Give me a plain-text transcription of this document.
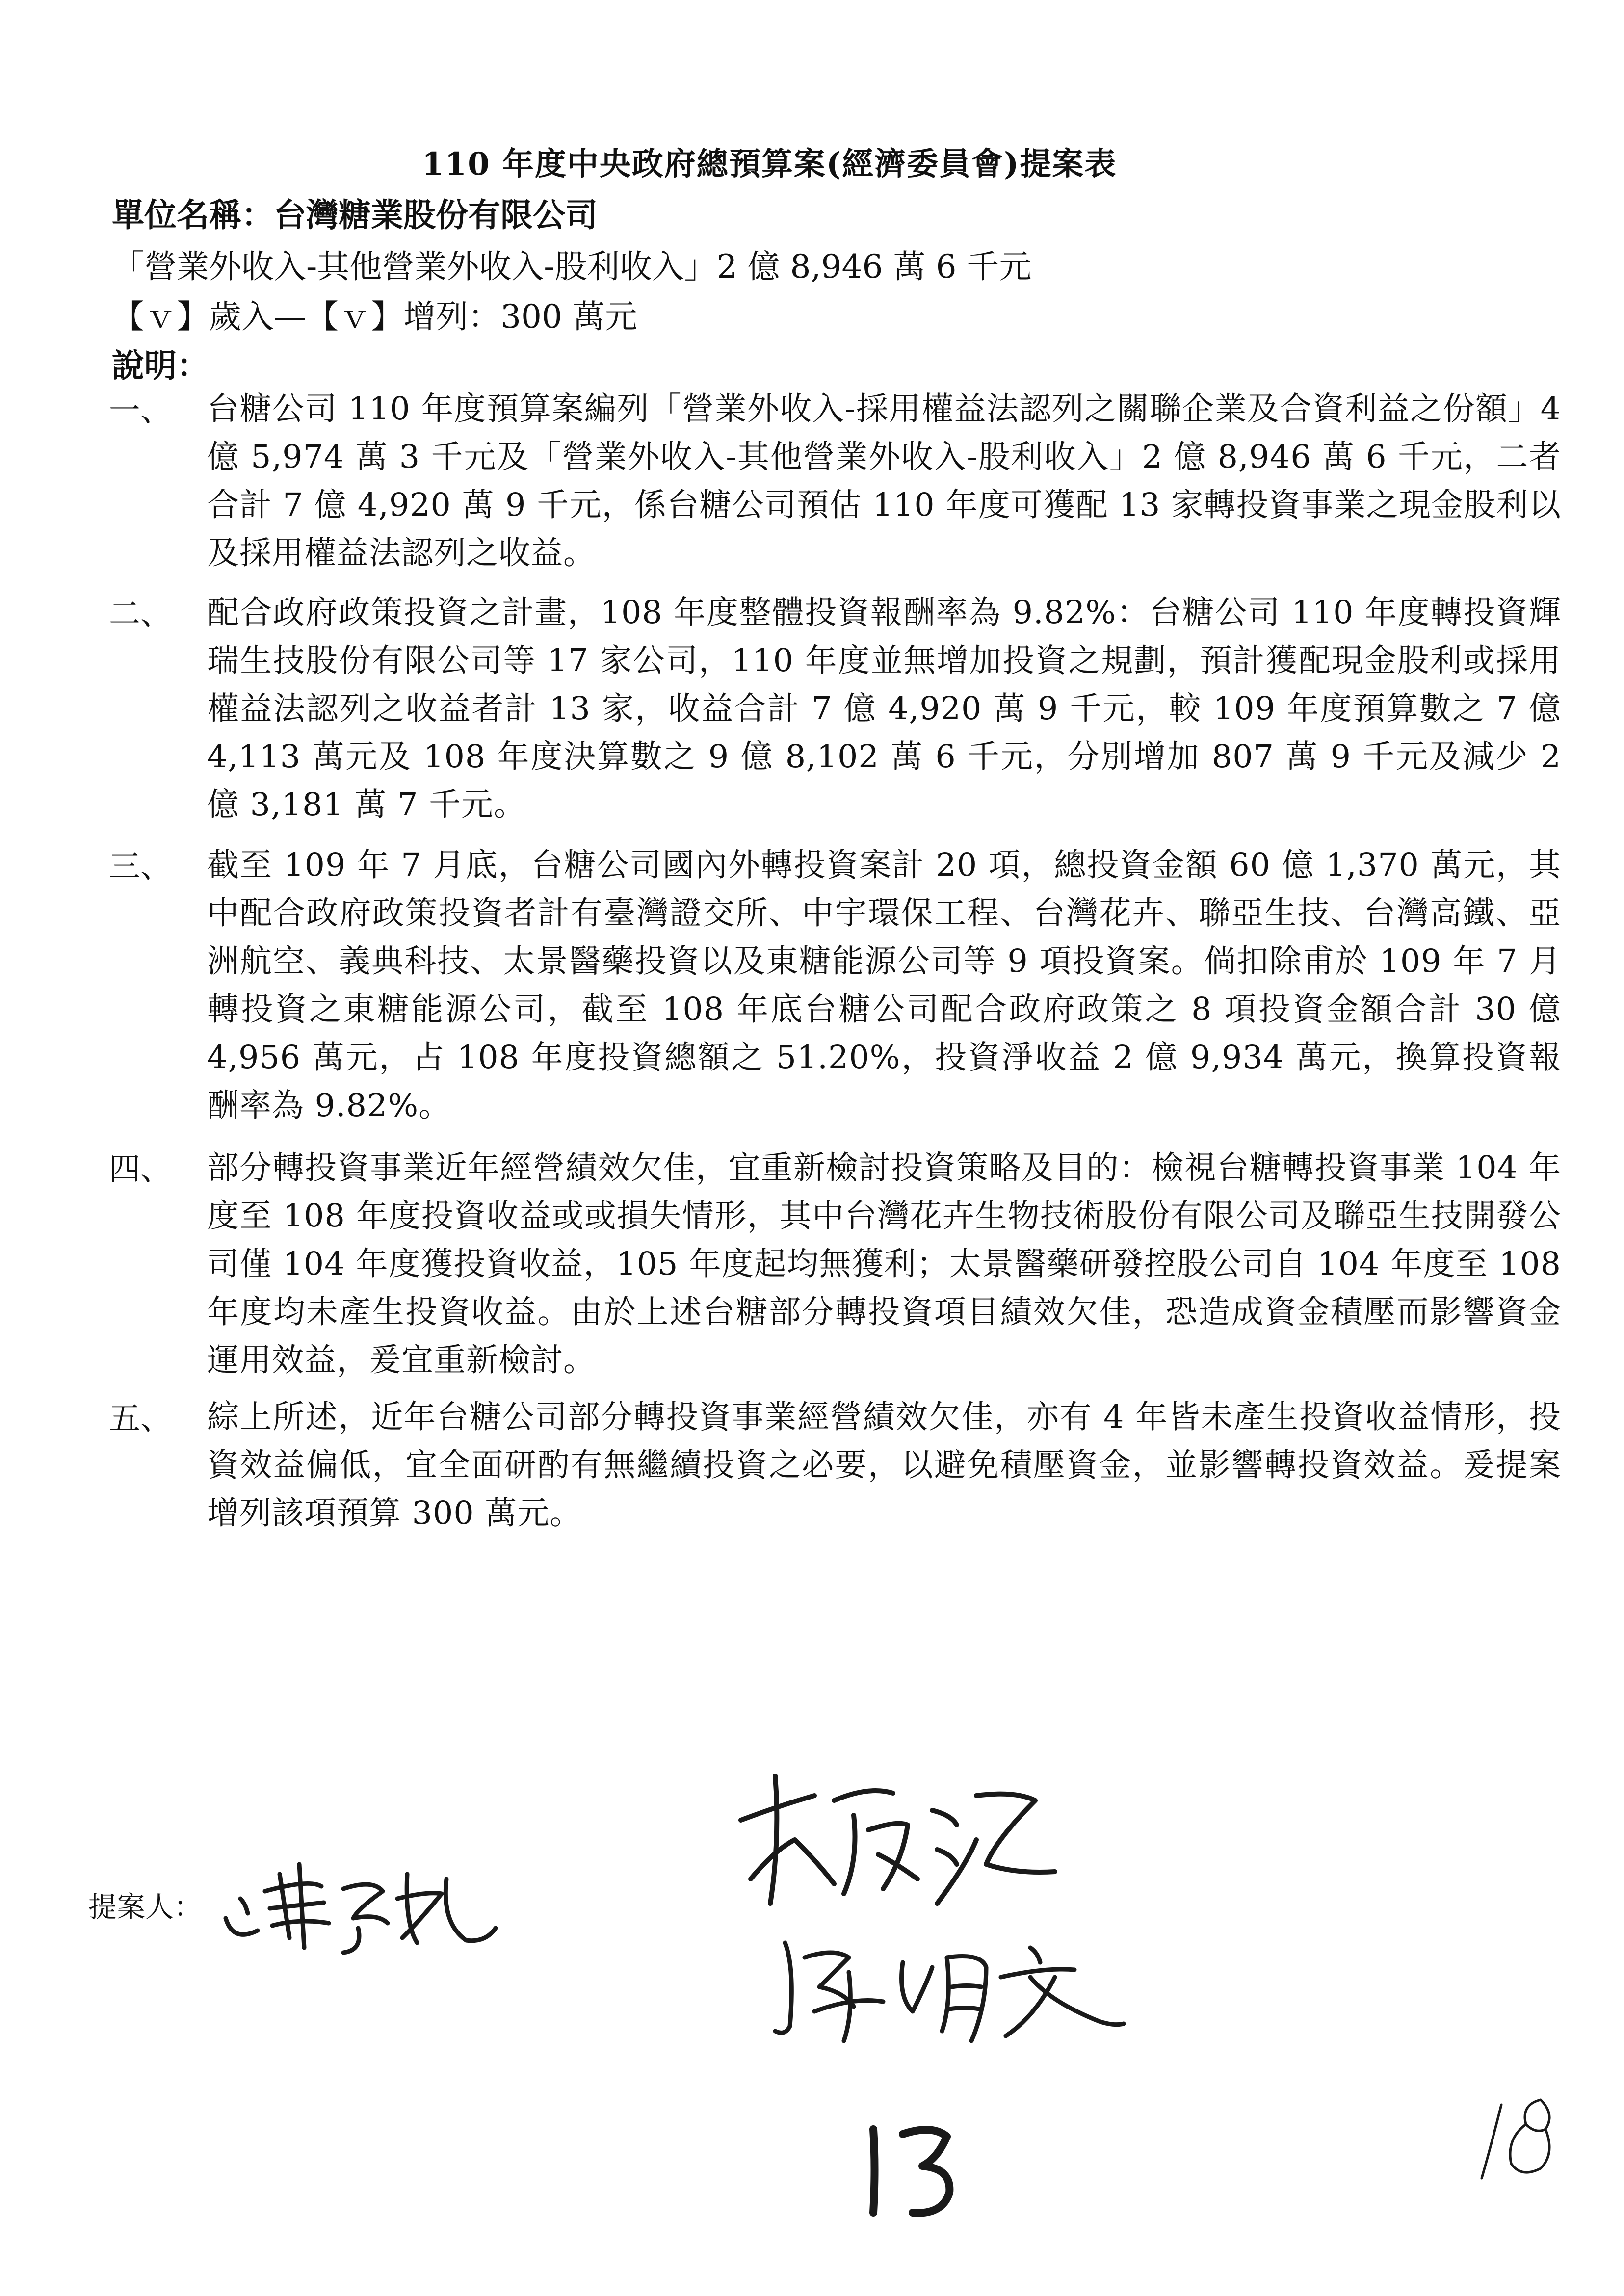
110 年度中央政府總預算案(經濟委員會)提案表
單位名稱：台灣糖業股份有限公司
「營業外收入-其他營業外收入-股利收入」2 億 8,946 萬 6 千元
【ｖ】歲入—【ｖ】增列：300 萬元
說明：
一、	台糖公司 110 年度預算案編列「營業外收入-採用權益法認列之關聯企業及合資利益之份額」4 億 5,974 萬 3 千元及「營業外收入-其他營業外收入-股利收入」2 億 8,946 萬 6 千元，二者合計 7 億 4,920 萬 9 千元，係台糖公司預估 110 年度可獲配 13 家轉投資事業之現金股利以及採用權益法認列之收益。
二、	配合政府政策投資之計畫，108 年度整體投資報酬率為 9.82%：台糖公司 110 年度轉投資輝瑞生技股份有限公司等 17 家公司，110 年度並無增加投資之規劃，預計獲配現金股利或採用權益法認列之收益者計 13 家，收益合計 7 億 4,920 萬 9 千元，較 109 年度預算數之 7 億 4,113 萬元及 108 年度決算數之 9 億 8,102 萬 6 千元，分別增加 807 萬 9 千元及減少 2 億 3,181 萬 7 千元。
三、	截至 109 年 7 月底，台糖公司國內外轉投資案計 20 項，總投資金額 60 億 1,370 萬元，其中配合政府政策投資者計有臺灣證交所、中宇環保工程、台灣花卉、聯亞生技、台灣高鐵、亞洲航空、義典科技、太景醫藥投資以及東糖能源公司等 9 項投資案。倘扣除甫於 109 年 7 月轉投資之東糖能源公司，截至 108 年底台糖公司配合政府政策之 8 項投資金額合計 30 億 4,956 萬元，占 108 年度投資總額之 51.20%，投資淨收益 2 億 9,934 萬元，換算投資報酬率為 9.82%。
四、	部分轉投資事業近年經營績效欠佳，宜重新檢討投資策略及目的：檢視台糖轉投資事業 104 年度至 108 年度投資收益或或損失情形，其中台灣花卉生物技術股份有限公司及聯亞生技開發公司僅 104 年度獲投資收益，105 年度起均無獲利；太景醫藥研發控股公司自 104 年度至 108 年度均未產生投資收益。由於上述台糖部分轉投資項目績效欠佳，恐造成資金積壓而影響資金運用效益，爰宜重新檢討。
五、	綜上所述，近年台糖公司部分轉投資事業經營績效欠佳，亦有 4 年皆未產生投資收益情形，投資效益偏低，宜全面研酌有無繼續投資之必要，以避免積壓資金，並影響轉投資效益。爰提案增列該項預算 300 萬元。
提案人：
